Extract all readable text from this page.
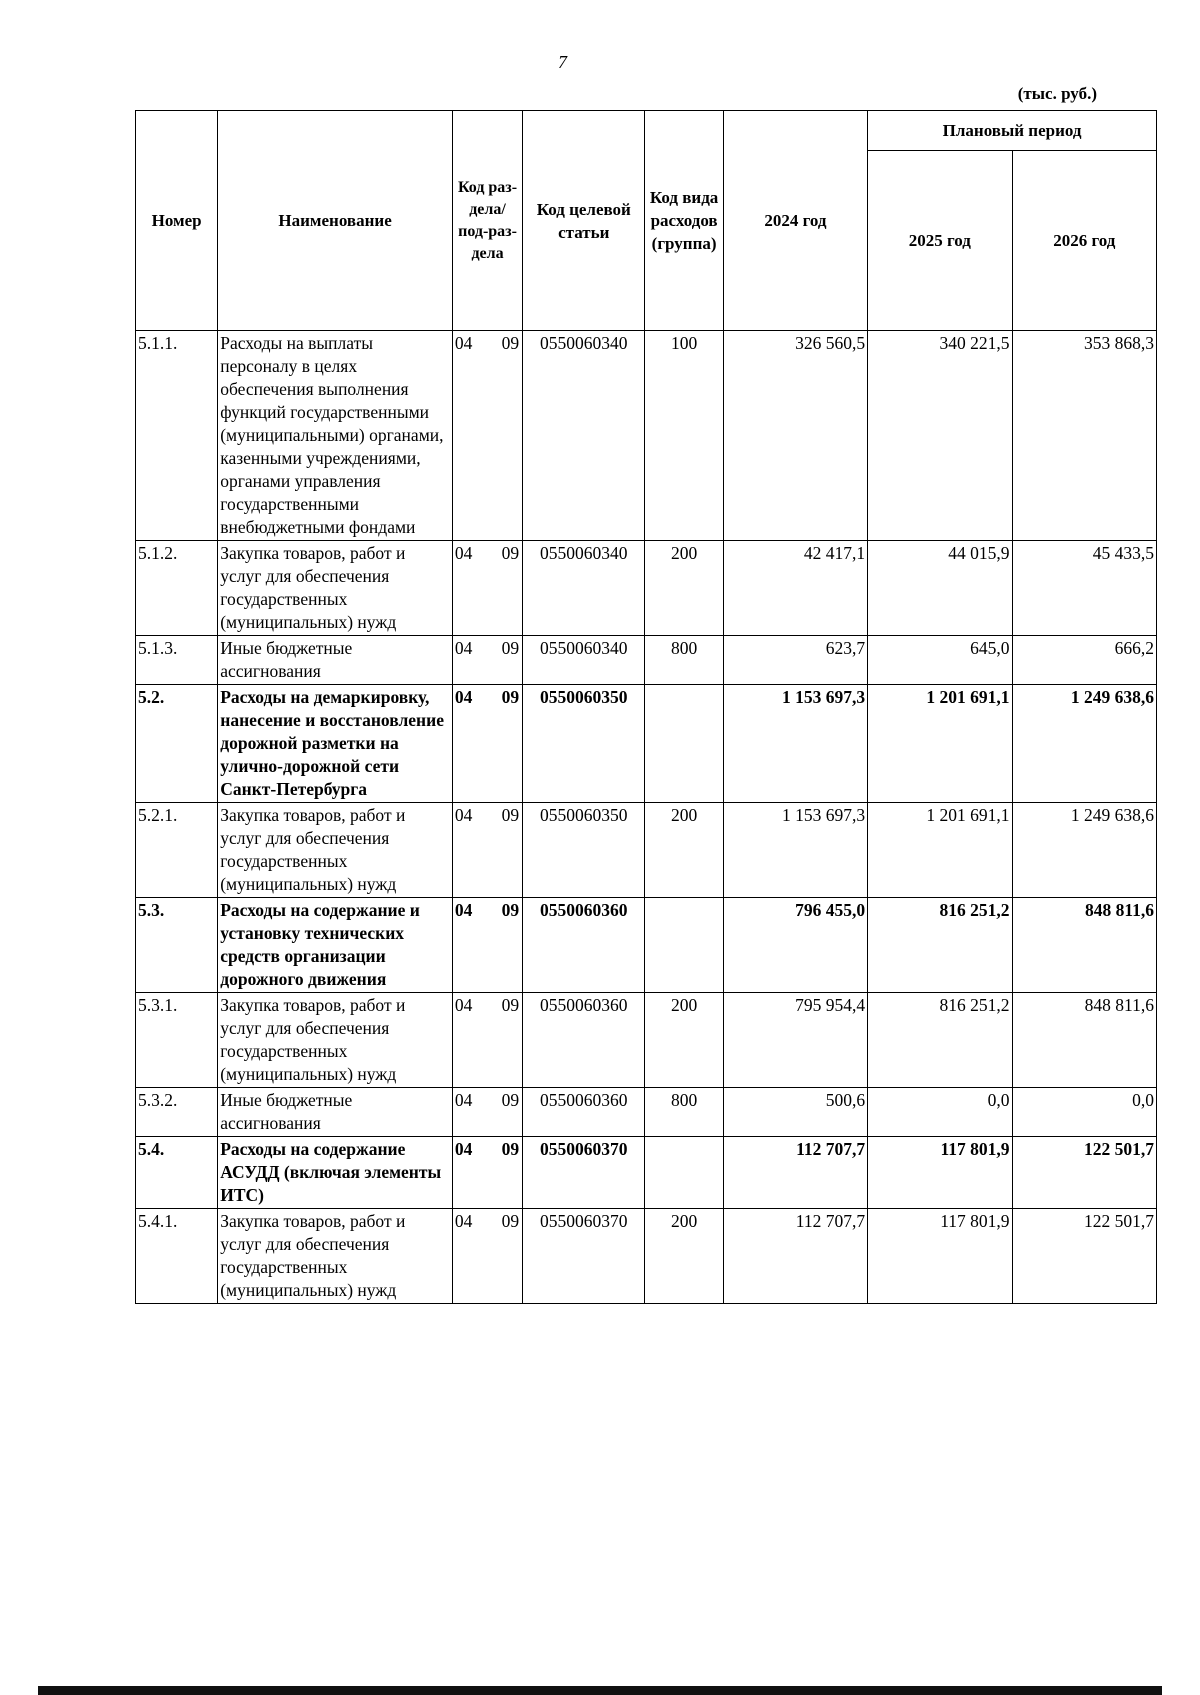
7
(тыс. руб.)
Номер	Наименование	Код раз-дела/ под-раз-дела	Код целевой статьи	Код вида расходов (группа)	2024 год	Плановый период	
						2025 год	2026 год
5.1.1.	Расходы на выплаты персоналу в целях обеспечения выполнения функций государственными (муниципальными) органами, казенными учреждениями, органами управления государственными внебюджетными фондами	04 09	0550060340	100	326 560,5	340 221,5	353 868,3
5.1.2.	Закупка товаров, работ и услуг для обеспечения государственных (муниципальных) нужд	04 09	0550060340	200	42 417,1	44 015,9	45 433,5
5.1.3.	Иные бюджетные ассигнования	04 09	0550060340	800	623,7	645,0	666,2
5.2.	Расходы на демаркировку, нанесение и восстановление дорожной разметки на улично-дорожной сети Санкт-Петербурга	04 09	0550060350		1 153 697,3	1 201 691,1	1 249 638,6
5.2.1.	Закупка товаров, работ и услуг для обеспечения государственных (муниципальных) нужд	04 09	0550060350	200	1 153 697,3	1 201 691,1	1 249 638,6
5.3.	Расходы на содержание и установку технических средств организации дорожного движения	04 09	0550060360		796 455,0	816 251,2	848 811,6
5.3.1.	Закупка товаров, работ и услуг для обеспечения государственных (муниципальных) нужд	04 09	0550060360	200	795 954,4	816 251,2	848 811,6
5.3.2.	Иные бюджетные ассигнования	04 09	0550060360	800	500,6	0,0	0,0
5.4.	Расходы на содержание АСУДД (включая элементы ИТС)	04 09	0550060370		112 707,7	117 801,9	122 501,7
5.4.1.	Закупка товаров, работ и услуг для обеспечения государственных (муниципальных) нужд	04 09	0550060370	200	112 707,7	117 801,9	122 501,7
